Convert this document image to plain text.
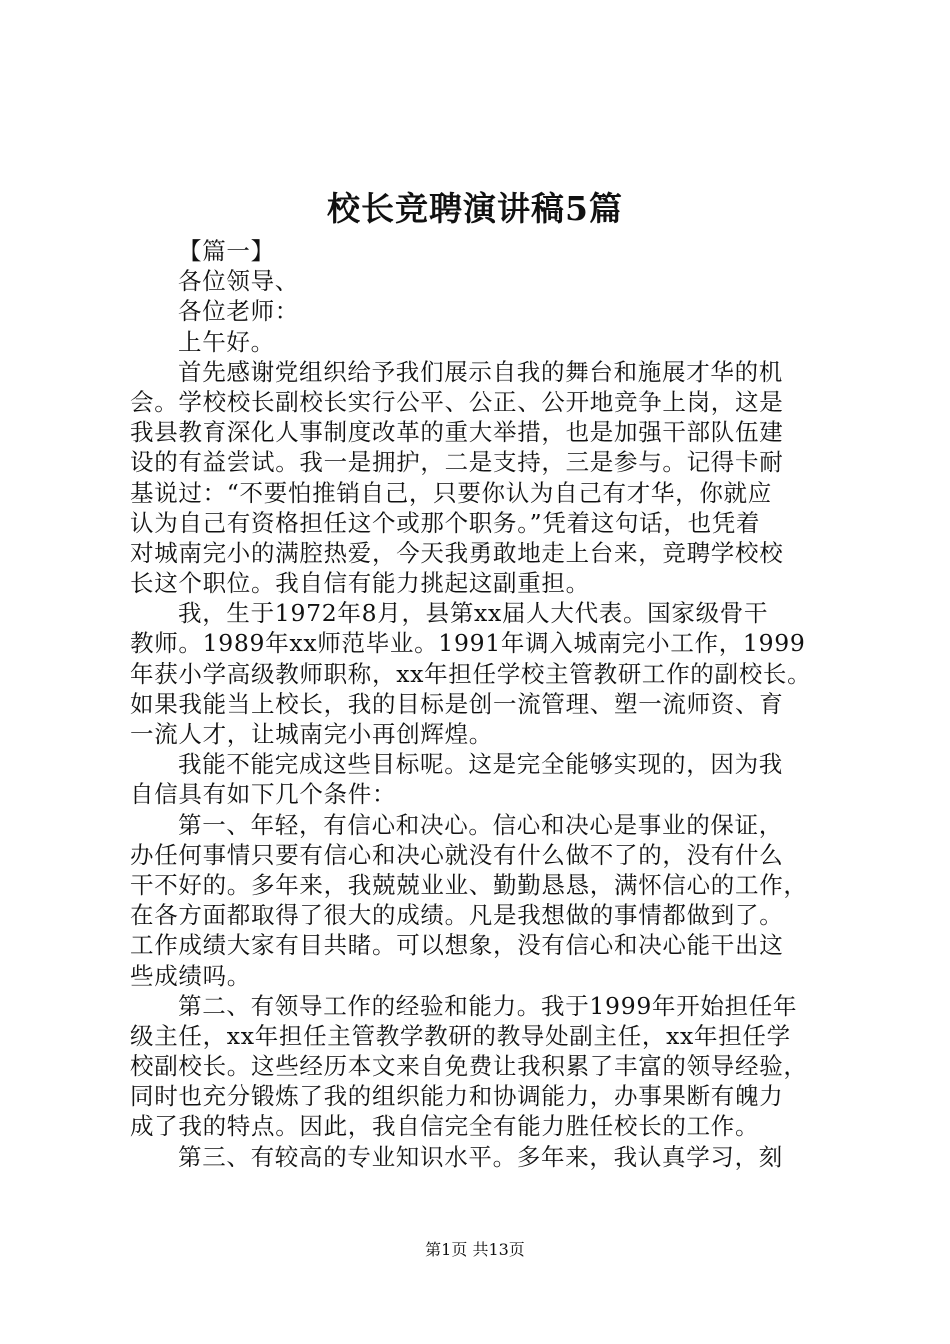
校长竞聘演讲稿5篇
【篇一】
各位领导、
各位老师：
上午好。
首先感谢党组织给予我们展示自我的舞台和施展才华的机
会。学校校长副校长实行公平、公正、公开地竞争上岗，这是
我县教育深化人事制度改革的重大举措，也是加强干部队伍建
设的有益尝试。我一是拥护，二是支持，三是参与。记得卡耐
基说过：“不要怕推销自己，只要你认为自己有才华，你就应
认为自己有资格担任这个或那个职务。”凭着这句话，也凭着
对城南完小的满腔热爱，今天我勇敢地走上台来，竞聘学校校
长这个职位。我自信有能力挑起这副重担。
我，生于1972年8月，县第xx届人大代表。国家级骨干
教师。1989年xx师范毕业。1991年调入城南完小工作，1999
年获小学高级教师职称，xx年担任学校主管教研工作的副校长。
如果我能当上校长，我的目标是创一流管理、塑一流师资、育
一流人才，让城南完小再创辉煌。
我能不能完成这些目标呢。这是完全能够实现的，因为我
自信具有如下几个条件：
第一、年轻，有信心和决心。信心和决心是事业的保证，
办任何事情只要有信心和决心就没有什么做不了的，没有什么
干不好的。多年来，我兢兢业业、勤勤恳恳，满怀信心的工作，
在各方面都取得了很大的成绩。凡是我想做的事情都做到了。
工作成绩大家有目共睹。可以想象，没有信心和决心能干出这
些成绩吗。
第二、有领导工作的经验和能力。我于1999年开始担任年
级主任，xx年担任主管教学教研的教导处副主任，xx年担任学
校副校长。这些经历本文来自免费让我积累了丰富的领导经验，
同时也充分锻炼了我的组织能力和协调能力，办事果断有魄力
成了我的特点。因此，我自信完全有能力胜任校长的工作。
第三、有较高的专业知识水平。多年来，我认真学习，刻
第1页 共13页
